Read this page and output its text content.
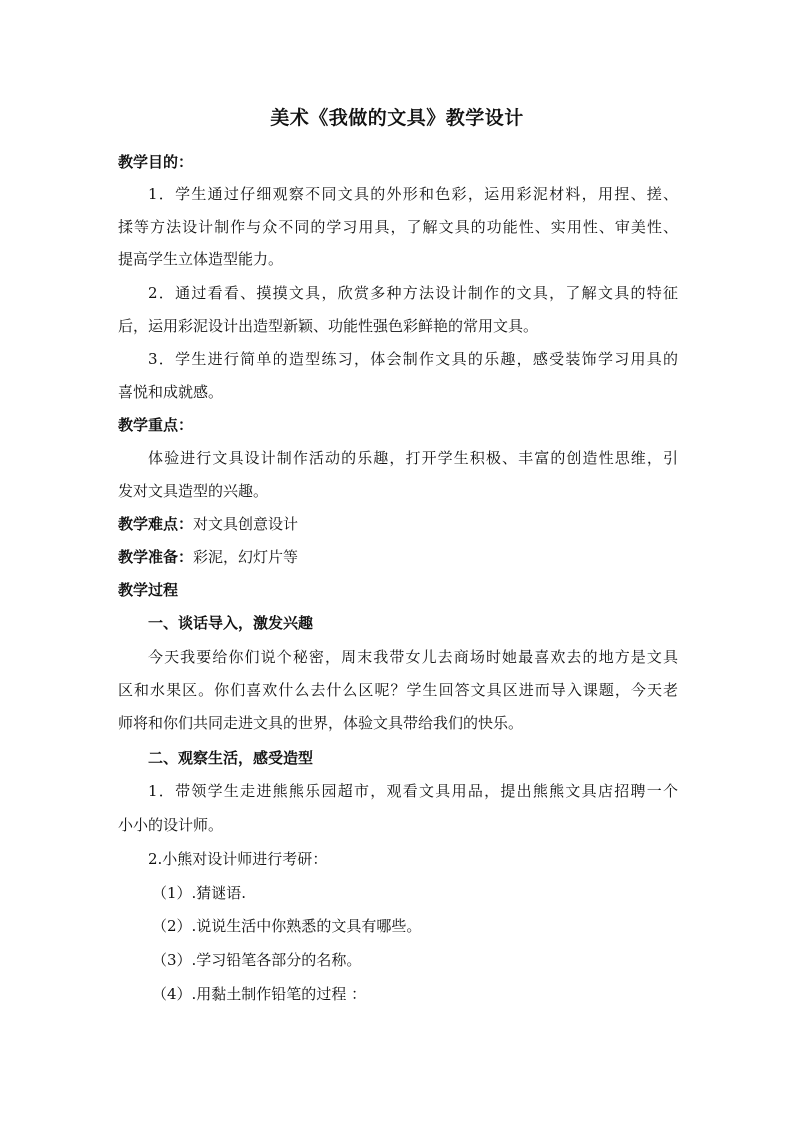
美术《我做的文具》教学设计
教学目的：
1．学生通过仔细观察不同文具的外形和色彩，运用彩泥材料，用捏、搓、
揉等方法设计制作与众不同的学习用具，了解文具的功能性、实用性、审美性、
提高学生立体造型能力。
2．通过看看、摸摸文具，欣赏多种方法设计制作的文具，了解文具的特征
后，运用彩泥设计出造型新颖、功能性强色彩鲜艳的常用文具。
3．学生进行简单的造型练习，体会制作文具的乐趣，感受装饰学习用具的
喜悦和成就感。
教学重点：
体验进行文具设计制作活动的乐趣，打开学生积极、丰富的创造性思维，引
发对文具造型的兴趣。
教学难点：对文具创意设计
教学准备：彩泥，幻灯片等
教学过程
一、谈话导入，激发兴趣
今天我要给你们说个秘密，周末我带女儿去商场时她最喜欢去的地方是文具
区和水果区。你们喜欢什么去什么区呢？学生回答文具区进而导入课题，今天老
师将和你们共同走进文具的世界，体验文具带给我们的快乐。
二、观察生活，感受造型
1．带领学生走进熊熊乐园超市，观看文具用品，提出熊熊文具店招聘一个
小小的设计师。
2.小熊对设计师进行考研：
（1）.猜谜语.
（2）.说说生活中你熟悉的文具有哪些。
（3）.学习铅笔各部分的名称。
（4）.用黏土制作铅笔的过程 ：
